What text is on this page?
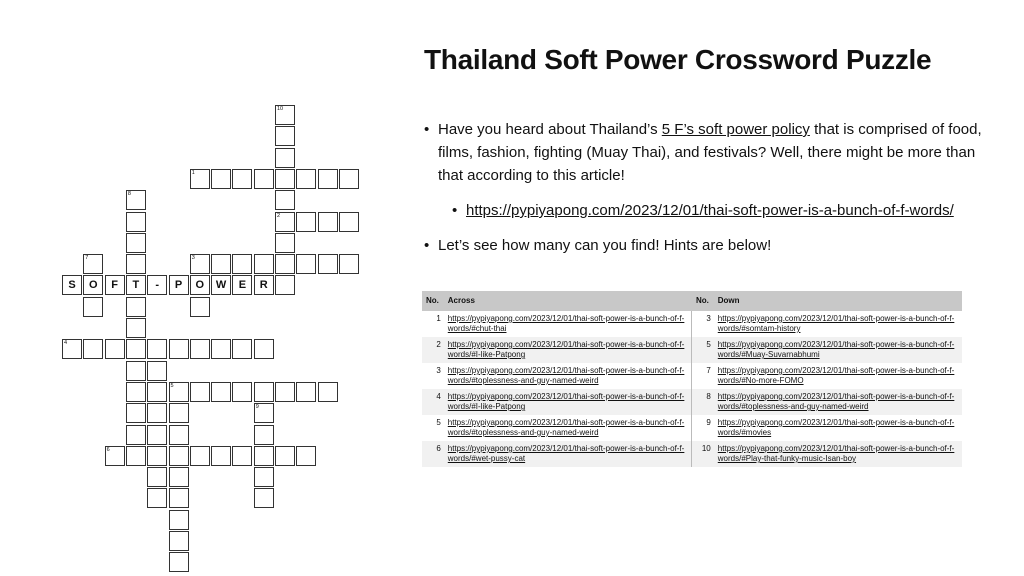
1
2
3
S	O	F	T	-	P	O	W	E	R
4
5
6
10
8
7
9
Thailand Soft Power Crossword Puzzle
• Have you heard about Thailand’s 5 F’s soft power policy that is comprised of food, films, fashion, fighting (Muay Thai), and festivals? Well, there might be more than that according to this article!
• https://pypiyapong.com/2023/12/01/thai-soft-power-is-a-bunch-of-f-words/
• Let’s see how many can you find! Hints are below!
No.	Across	No.	Down
1	https://pypiyapong.com/2023/12/01/thai-soft-power-is-a-bunch-of-f-words/#chut-thai	3	https://pypiyapong.com/2023/12/01/thai-soft-power-is-a-bunch-of-f-words/#somtam-history
2	https://pypiyapong.com/2023/12/01/thai-soft-power-is-a-bunch-of-f-words/#I-like-Patpong	5	https://pypiyapong.com/2023/12/01/thai-soft-power-is-a-bunch-of-f-words/#Muay-Suvarnabhumi
3	https://pypiyapong.com/2023/12/01/thai-soft-power-is-a-bunch-of-f-words/#toplessness-and-guy-named-weird	7	https://pypiyapong.com/2023/12/01/thai-soft-power-is-a-bunch-of-f-words/#No-more-FOMO
4	https://pypiyapong.com/2023/12/01/thai-soft-power-is-a-bunch-of-f-words/#I-like-Patpong	8	https://pypiyapong.com/2023/12/01/thai-soft-power-is-a-bunch-of-f-words/#toplessness-and-guy-named-weird
5	https://pypiyapong.com/2023/12/01/thai-soft-power-is-a-bunch-of-f-words/#toplessness-and-guy-named-weird	9	https://pypiyapong.com/2023/12/01/thai-soft-power-is-a-bunch-of-f-words/#movies
6	https://pypiyapong.com/2023/12/01/thai-soft-power-is-a-bunch-of-f-words/#wet-pussy-cat	10	https://pypiyapong.com/2023/12/01/thai-soft-power-is-a-bunch-of-f-words/#Play-that-funky-music-Isan-boy
